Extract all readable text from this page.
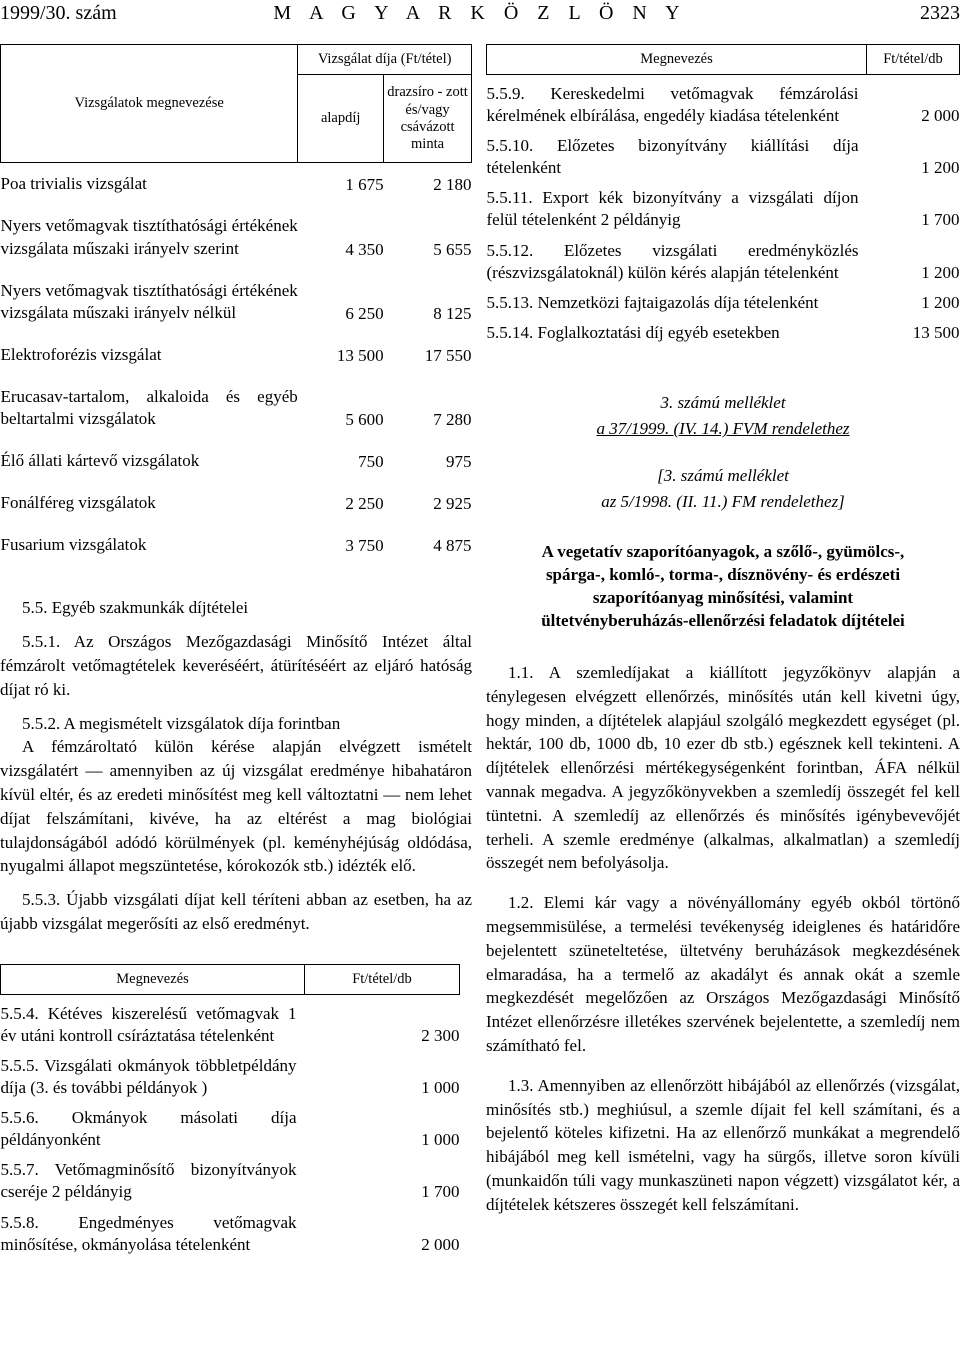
1999/30. szám	M A G Y A R K Ö Z L Ö N Y	2323
Vizsgálatok megnevezése	Vizsgálat díja (Ft/tétel)	
	alapdíj	drazsíro - zott és/vagy csávázott minta
Poa trivialis vizsgálat	1 675	2 180
Nyers vetőmagvak tisztíthatósági értékének vizsgálata műszaki irányelv szerint	4 350	5 655
Nyers vetőmagvak tisztíthatósági értékének vizsgálata műszaki irányelv nélkül	6 250	8 125
Elektroforézis vizsgálat	13 500	17 550
Erucasav-tartalom, alkaloida és egyéb beltartalmi vizsgálatok	5 600	7 280
Élő állati kártevő vizsgálatok	750	975
Fonálféreg vizsgálatok	2 250	2 925
Fusarium vizsgálatok	3 750	4 875

5.5. Egyéb szakmunkák díjtételei

5.5.1. Az Országos Mezőgazdasági Minősítő Intézet által fémzárolt vetőmagtételek keveréséért, átürítéséért az eljáró hatóság díjat ró ki.

5.5.2. A megismételt vizsgálatok díja forintban

A fémzároltató külön kérése alapján elvégzett ismételt vizsgálatért — amennyiben az új vizsgálat eredménye hibahatáron kívül eltér, és az eredeti minősítést meg kell változtatni — nem lehet díjat felszámítani, kivéve, ha az eltérést a mag biológiai tulajdonságából adódó körülmények (pl. keményhéjúság oldódása, nyugalmi állapot megszüntetése, kórokozók stb.) idézték elő.

5.5.3. Újabb vizsgálati díjat kell téríteni abban az esetben, ha az újabb vizsgálat megerősíti az első eredményt.

Megnevezés	Ft/tétel/db
5.5.4. Kétéves kiszerelésű vetőmagvak 1 év utáni kontroll csíráztatása tételenként	2 300
5.5.5. Vizsgálati okmányok többletpéldány díja (3. és további példányok )	1 000
5.5.6. Okmányok másolati díja példányonként	1 000
5.5.7. Vetőmagminősítő bizonyítványok cseréje 2 példányig	1 700
5.5.8. Engedményes vetőmagvak minősítése, okmányolása tételenként	2 000
Megnevezés	Ft/tétel/db
5.5.9. Kereskedelmi vetőmagvak fémzárolási kérelmének elbírálása, engedély kiadása tételenként	2 000
5.5.10. Előzetes bizonyítvány kiállítási díja tételenként	1 200
5.5.11. Export kék bizonyítvány a vizsgálati díjon felül tételenként 2 példányig	1 700
5.5.12. Előzetes vizsgálati eredményközlés (részvizsgálatoknál) külön kérés alapján tételenként	1 200
5.5.13. Nemzetközi fajtaigazolás díja tételenként	1 200
5.5.14. Foglalkoztatási díj egyéb esetekben	13 500
3. számú melléklet
a 37/1999. (IV. 14.) FVM rendelethez
[3. számú melléklet
az 5/1998. (II. 11.) FM rendelethez]
A vegetatív szaporítóanyagok, a szőlő-, gyümölcs-,
spárga-, komló-, torma-, dísznövény- és erdészeti
szaporítóanyag minősítési, valamint
ültetvényberuházás-ellenőrzési feladatok díjtételei

1.1. A szemledíjakat a kiállított jegyzőkönyv alapján a ténylegesen elvégzett ellenőrzés, minősítés után kell kivetni úgy, hogy minden, a díjtételek alapjául szolgáló megkezdett egységet (pl. hektár, 100 db, 1000 db, 10 ezer db stb.) egésznek kell tekinteni. A díjtételek ellenőrzési mértékegységenként forintban, ÁFA nélkül vannak megadva. A jegyzőkönyvekben a szemledíj összegét fel kell tüntetni. A szemledíj az ellenőrzés és minősítés igénybevevőjét terheli. A szemle eredménye (alkalmas, alkalmatlan) a szemledíj összegét nem befolyásolja.

1.2. Elemi kár vagy a növényállomány egyéb okból törtönő megsemmisülése, a termelési tevékenység ideiglenes és határidőre bejelentett szüneteltetése, ültetvény beruházások megkezdésének elmaradása, ha a termelő az akadályt és annak okát a szemle megkezdését megelőzően az Országos Mezőgazdasági Minősítő Intézet ellenőrzésre illetékes szervének bejelentette, a szemledíj nem számítható fel.

1.3. Amennyiben az ellenőrzött hibájából az ellenőrzés (vizsgálat, minősítés stb.) meghiúsul, a szemle díjait fel kell számítani, és a bejelentő köteles kifizetni. Ha az ellenőrző munkákat a megrendelő hibájából meg kell ismételni, vagy ha sürgős, illetve soron kívüli (munkaidőn túli vagy munkaszüneti napon végzett) vizsgálatot kér, a díjtételek kétszeres összegét kell felszámítani.
